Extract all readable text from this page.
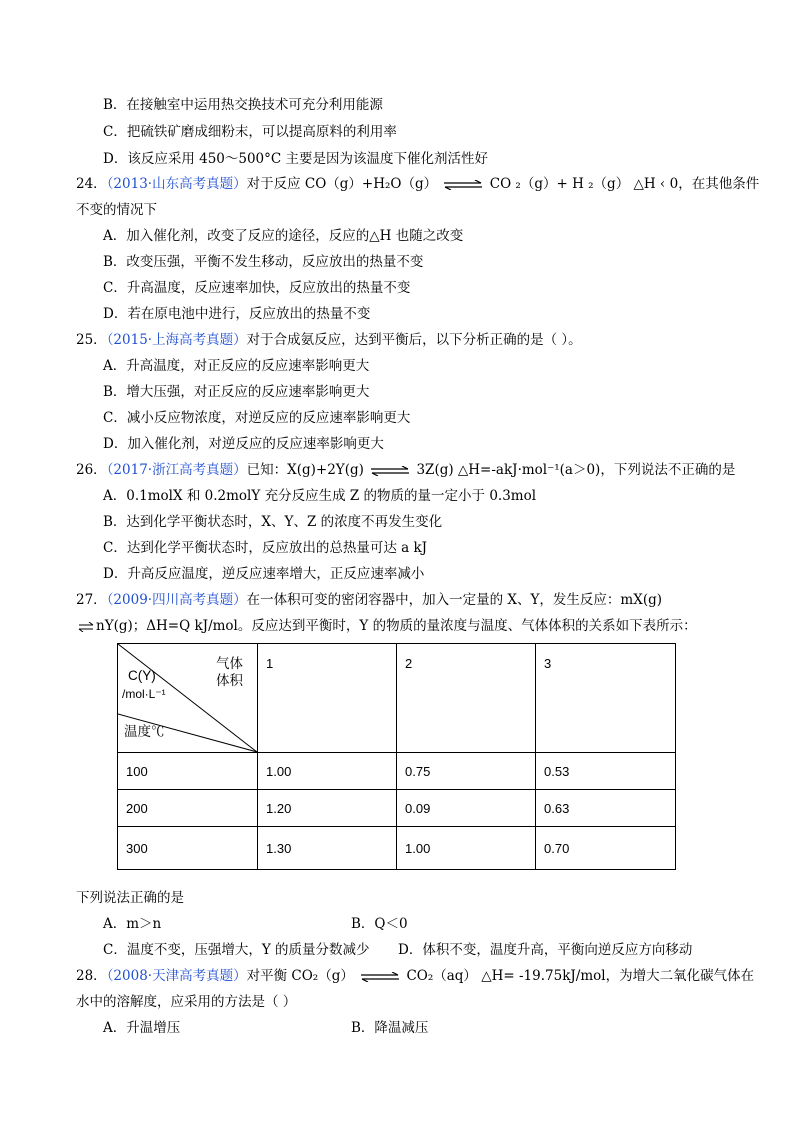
B．在接触室中运用热交换技术可充分利用能源
C．把硫铁矿磨成细粉末，可以提高原料的利用率
D．该反应采用 450～500°C 主要是因为该温度下催化剂活性好
24．（2013·山东高考真题）对于反应 CO（g）+H₂O（g） ⇌ CO ₂（g）+ H ₂（g） △H ‹ 0，在其他条件
不变的情况下
A．加入催化剂，改变了反应的途径，反应的△H 也随之改变
B．改变压强，平衡不发生移动，反应放出的热量不变
C．升高温度，反应速率加快，反应放出的热量不变
D．若在原电池中进行，反应放出的热量不变
25．（2015·上海高考真题）对于合成氨反应，达到平衡后，以下分析正确的是（ ）。
A．升高温度，对正反应的反应速率影响更大
B．增大压强，对正反应的反应速率影响更大
C．减小反应物浓度，对逆反应的反应速率影响更大
D．加入催化剂，对逆反应的反应速率影响更大
26．（2017·浙江高考真题）已知：X(g)+2Y(g) ⇌ 3Z(g) △H=-akJ·mol⁻¹(a＞0)，下列说法不正确的是
A．0.1molX 和 0.2molY 充分反应生成 Z 的物质的量一定小于 0.3mol
B．达到化学平衡状态时，X、Y、Z 的浓度不再发生变化
C．达到化学平衡状态时，反应放出的总热量可达 a kJ
D．升高反应温度，逆反应速率增大，正反应速率减小
27．（2009·四川高考真题）在一体积可变的密闭容器中，加入一定量的 X、Y，发生反应：mX(g)
⇌ nY(g)；ΔH=Q kJ/mol。反应达到平衡时，Y 的物质的量浓度与温度、气体体积的关系如下表所示：
气体
体积
C(Y)
/mol·L⁻¹
温度℃	1	2	3
100	1.00	0.75	0.53
200	1.20	0.09	0.63
300	1.30	1.00	0.70
下列说法正确的是
A．m＞n	B．Q＜0
C．温度不变，压强增大，Y 的质量分数减少 D．体积不变，温度升高，平衡向逆反应方向移动
28．（2008·天津高考真题）对平衡 CO₂（g） ⇌ CO₂（aq） △H= -19.75kJ/mol，为增大二氧化碳气体在
水中的溶解度，应采用的方法是（ ）
A．升温增压	B．降温减压
